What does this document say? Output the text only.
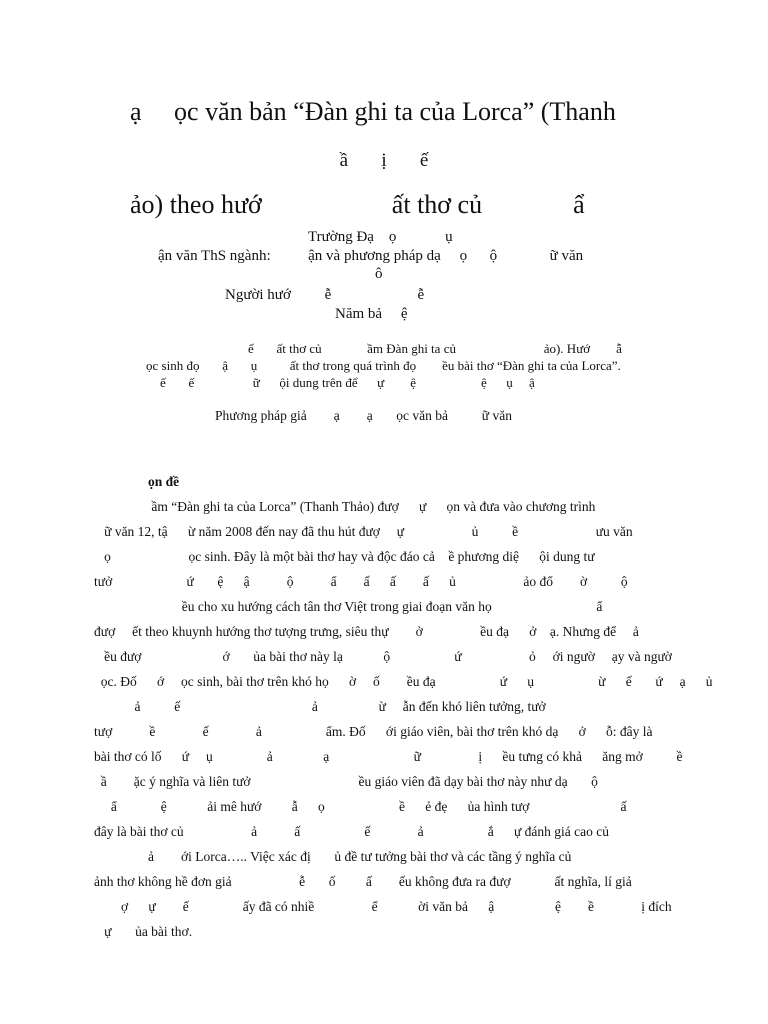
ạ     ọc văn bản “Đàn ghi ta của Lorca” (Thanh

ảo) theo hướ                    ất thơ củ              ẩ

ầ       ị       ế
Trường Đạ    ọ             ụ
ận văn ThS ngành:          ận và phương pháp dạ     ọ      ộ              ữ văn
ô
Người hướ         ễ                       ễ
Năm bả     ệ
ế       ất thơ củ              ầm Đàn ghi ta củ                           ảo). Hướ        ẫ
ọc sinh đọ       ậ       ụ          ất thơ trong quá trình đọ        ều bài thơ “Đàn ghi ta của Lorca”.
ế       ế                  ữ      ội dung trên để      ự        ệ                    ệ      ụ     ậ
Phương pháp giả        ạ        ạ       ọc văn bả          ữ văn
ọn đề
ầm “Đàn ghi ta của Lorca” (Thanh Thảo) đượ      ự      ọn và đưa vào chương trình
ữ văn 12, tậ      ừ năm 2008 đến nay đã thu hút đượ     ự                    ủ          ề                       ưu văn
ọ                       ọc sinh. Đây là một bài thơ hay và độc đáo cả    ề phương diệ      ội dung tư
tưở                      ứ       ệ      ậ           ộ           ẩ        ấ      ấ        ấ      ủ                    ảo đổ        ờ          ộ
ều cho xu hướng cách tân thơ Việt trong giai đoạn văn họ                               ẩ
đượ     ết theo khuynh hướng thơ tượng trưng, siêu thự        ở                 ều đạ      ở    ạ. Nhưng để     ả
ều đượ                        ớ       ủa bài thơ này lạ            ộ                   ứ                    ỏ     ới ngườ     ạy và ngườ
ọc. Đố      ớ     ọc sinh, bài thơ trên khó họ      ờ     ố        ều đạ                   ứ      ụ                   ừ      ế       ứ     ạ      ủ
ả          ế                                       ả                  ừ     ẫn đến khó liên tưởng, tưở
tượ           ề              ế              ả                   ẩm. Đố      ới giáo viên, bài thơ trên khó dạ      ở      ỗ: đây là
bài thơ có lố      ứ     ụ                ả               ạ                         ữ                 ị      ều tưng có khả      ăng mở          ề
ầ        ặc ý nghĩa và liên tưở                                ều giáo viên đã dạy bài thơ này như dạ       ộ
ẩ             ệ            ải mê hướ         ẫ      ọ                      ề      ẻ đẹ      ủa hình tượ                           ấ
đây là bài thơ củ                    ả           ấ                   ế              ả                   ắ      ự đánh giá cao củ
ả        ới Lorca….. Việc xác đị       ủ đề tư tưởng bài thơ và các tầng ý nghĩa củ
ảnh thơ không hề đơn giả                    ễ       ố         ấ        ếu không đưa ra đượ             ất nghĩa, lí giả
ợ      ự        ế                ấy đã có nhiề                 ể            ời văn bả      ậ                  ệ        ề              ị đích
ự       ủa bài thơ.
